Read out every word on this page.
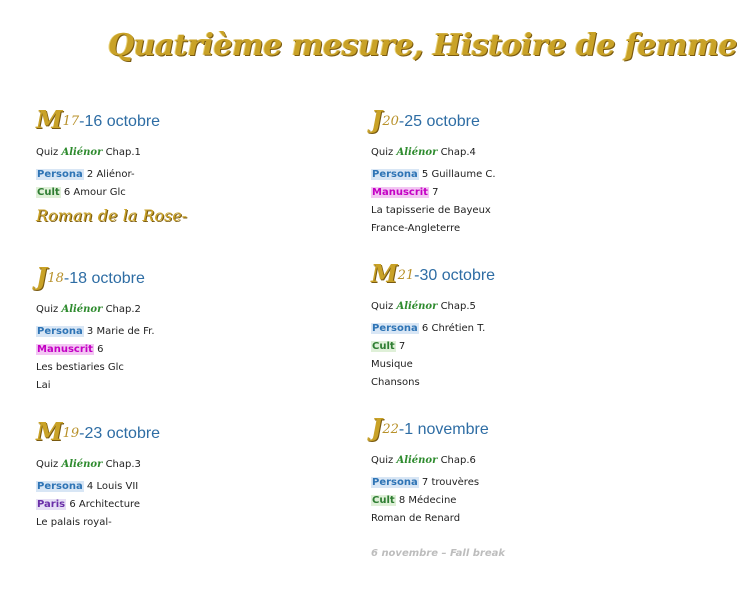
Quatrième mesure, Histoire de femme
M17-16 octobre
Quiz Aliénor Chap.1
Persona 2 Aliénor-
Cult 6 Amour Glc
Roman de la Rose-
J18-18 octobre
Quiz Aliénor Chap.2
Persona 3 Marie de Fr.
Manuscrit 6
Les bestiaries Glc
Lai
M19-23 octobre
Quiz Aliénor Chap.3
Persona 4 Louis VII
Paris 6 Architecture
Le palais royal-
J20-25 octobre
Quiz Aliénor Chap.4
Persona 5 Guillaume C.
Manuscrit 7
La tapisserie de Bayeux
France-Angleterre
M21-30 octobre
Quiz Aliénor Chap.5
Persona 6 Chrétien T.
Cult 7
Musique
Chansons
J22-1 novembre
Quiz Aliénor Chap.6
Persona 7 trouvères
Cult 8 Médecine
Roman de Renard
6 novembre – Fall break
